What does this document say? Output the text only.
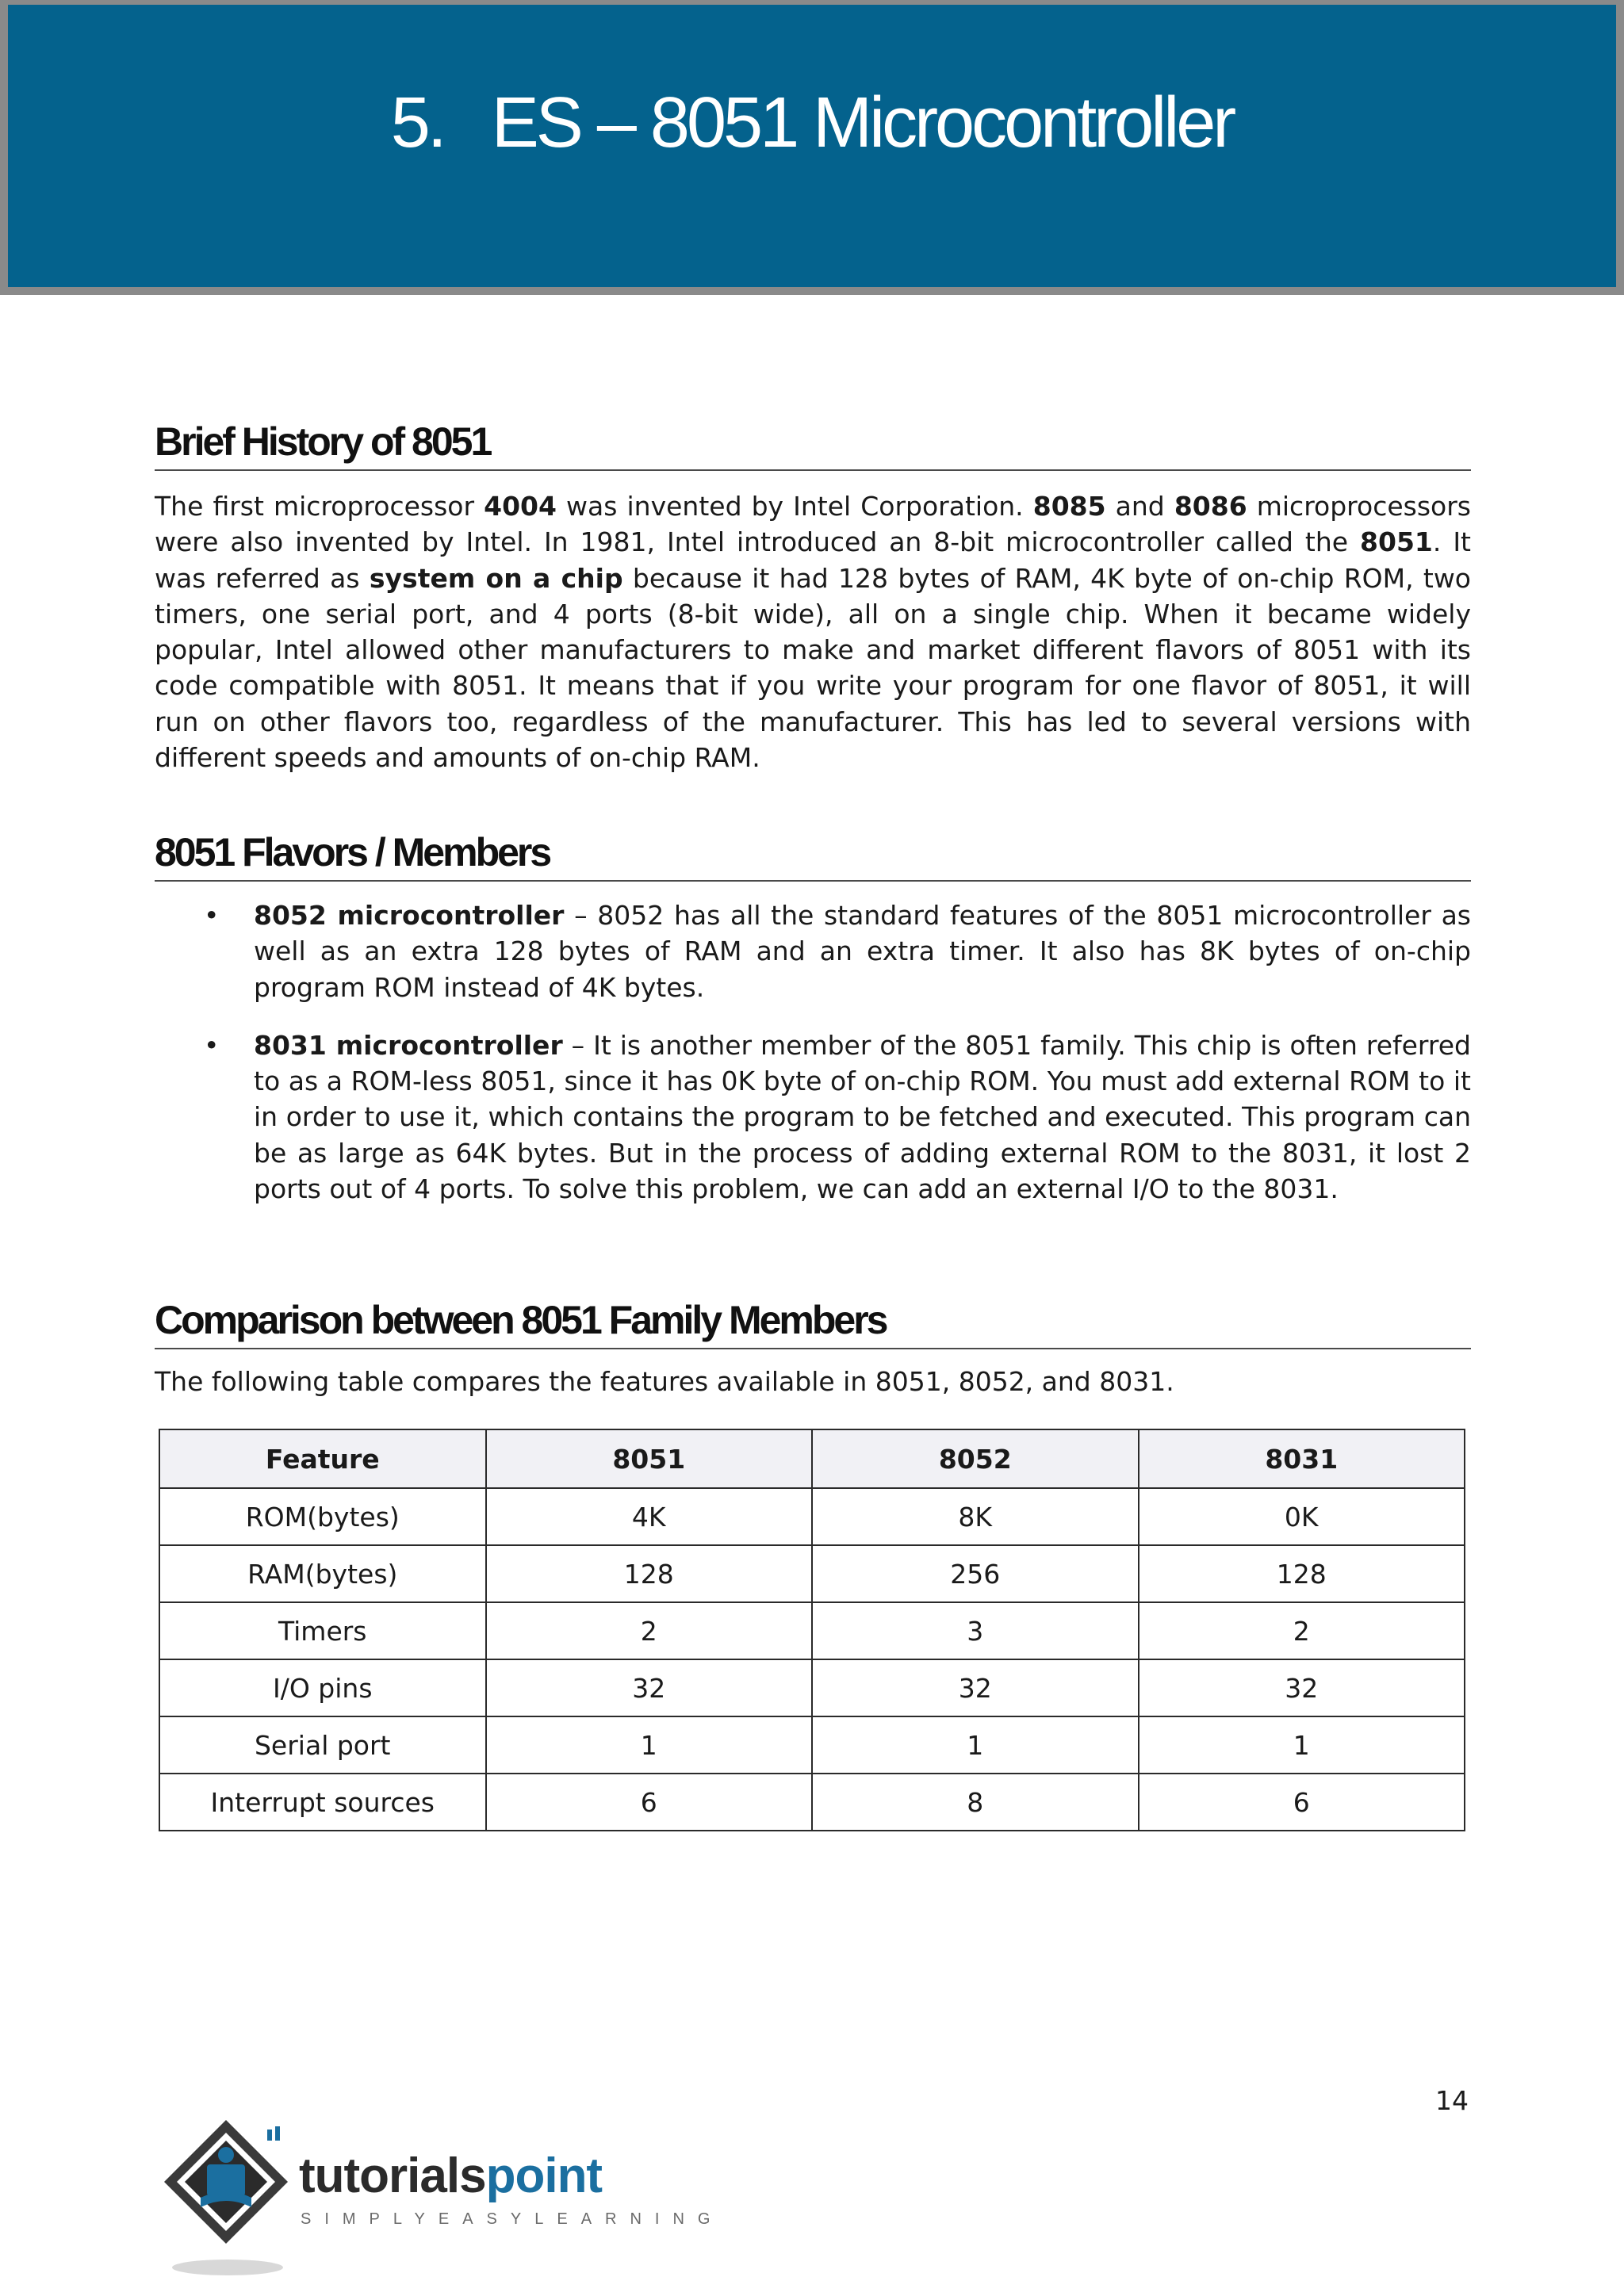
5. ES – 8051 Microcontroller
Brief History of 8051

The first microprocessor 4004 was invented by Intel Corporation. 8085 and 8086 microprocessors were also invented by Intel. In 1981, Intel introduced an 8-bit microcontroller called the 8051. It was referred as system on a chip because it had 128 bytes of RAM, 4K byte of on-chip ROM, two timers, one serial port, and 4 ports (8-bit wide), all on a single chip. When it became widely popular, Intel allowed other manufacturers to make and market different flavors of 8051 with its code compatible with 8051. It means that if you write your program for one flavor of 8051, it will run on other flavors too, regardless of the manufacturer. This has led to several versions with different speeds and amounts of on-chip RAM.

8051 Flavors / Members
• 8052 microcontroller – 8052 has all the standard features of the 8051 microcontroller as well as an extra 128 bytes of RAM and an extra timer. It also has 8K bytes of on-chip program ROM instead of 4K bytes.
• 8031 microcontroller – It is another member of the 8051 family. This chip is often referred to as a ROM-less 8051, since it has 0K byte of on-chip ROM. You must add external ROM to it in order to use it, which contains the program to be fetched and executed. This program can be as large as 64K bytes. But in the process of adding external ROM to the 8031, it lost 2 ports out of 4 ports. To solve this problem, we can add an external I/O to the 8031.
Comparison between 8051 Family Members
The following table compares the features available in 8051, 8052, and 8031.
Feature	8051	8052	8031
ROM(bytes)	4K	8K	0K
RAM(bytes)	128	256	128
Timers	2	3	2
I/O pins	32	32	32
Serial port	1	1	1
Interrupt sources	6	8	6
14
tutorialspoint
SIMPLYEASYLEARNING
